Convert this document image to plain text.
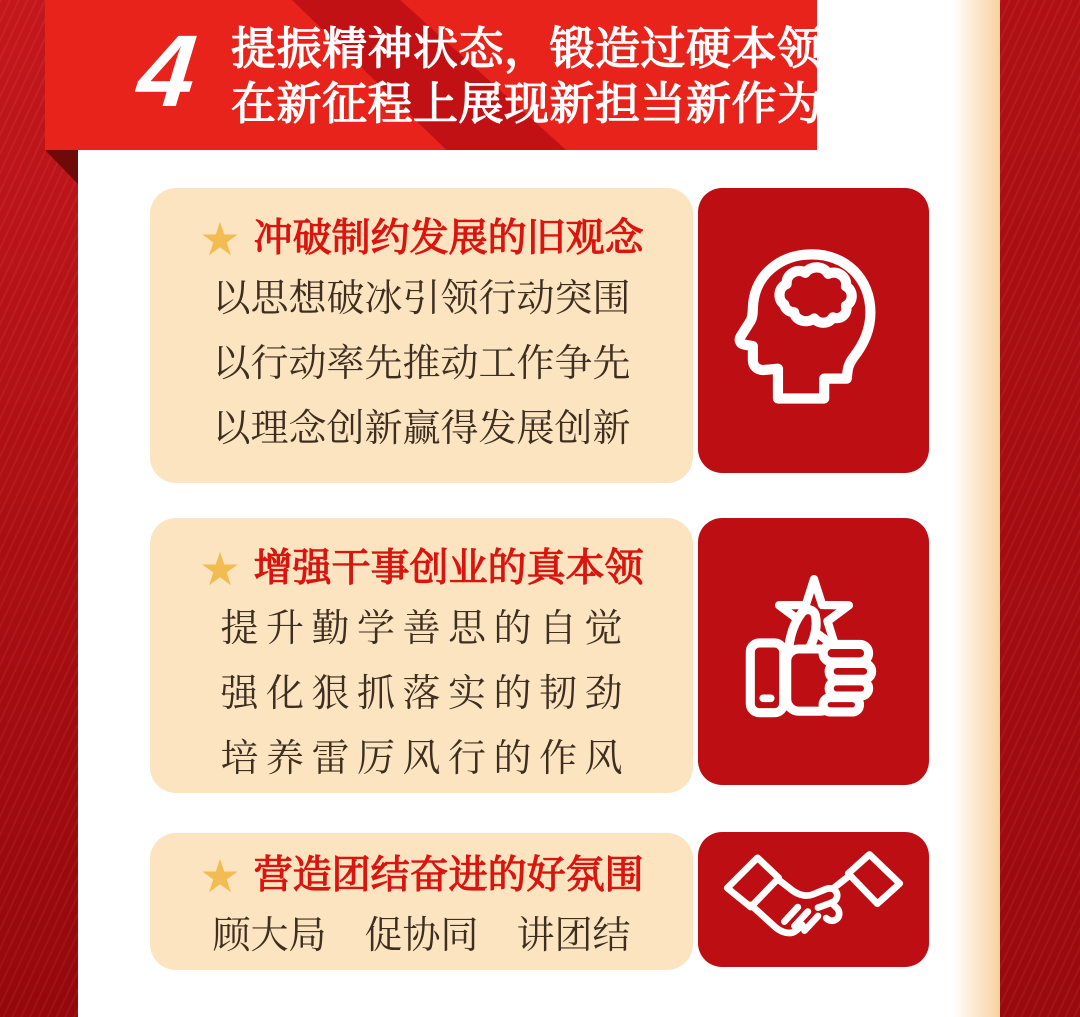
4 提振精神状态，锻造过硬本领，
在新征程上展现新担当新作为
★ 冲破制约发展的旧观念
以思想破冰引领行动突围
以行动率先推动工作争先
以理念创新赢得发展创新
★ 增强干事创业的真本领
提升勤学善思的自觉
强化狠抓落实的韧劲
培养雷厉风行的作风
★ 营造团结奋进的好氛围
顾大局　促协同　讲团结
